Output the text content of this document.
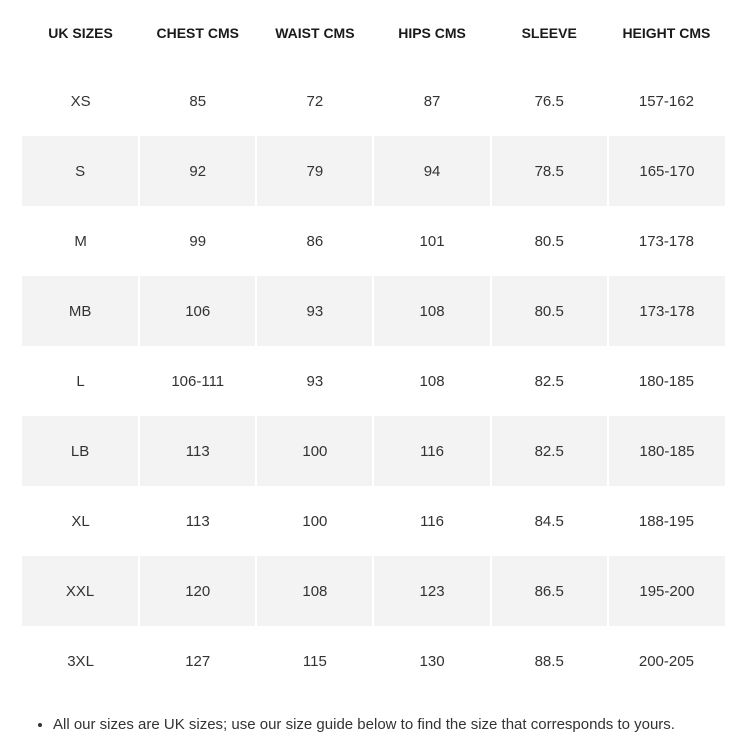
UK SIZES	CHEST CMS	WAIST CMS	HIPS CMS	SLEEVE	HEIGHT CMS
XS	85	72	87	76.5	157-162
S	92	79	94	78.5	165-170
M	99	86	101	80.5	173-178
MB	106	93	108	80.5	173-178
L	106-111	93	108	82.5	180-185
LB	113	100	116	82.5	180-185
XL	113	100	116	84.5	188-195
XXL	120	108	123	86.5	195-200
3XL	127	115	130	88.5	200-205
• All our sizes are UK sizes; use our size guide below to find the size that corresponds to yours.
